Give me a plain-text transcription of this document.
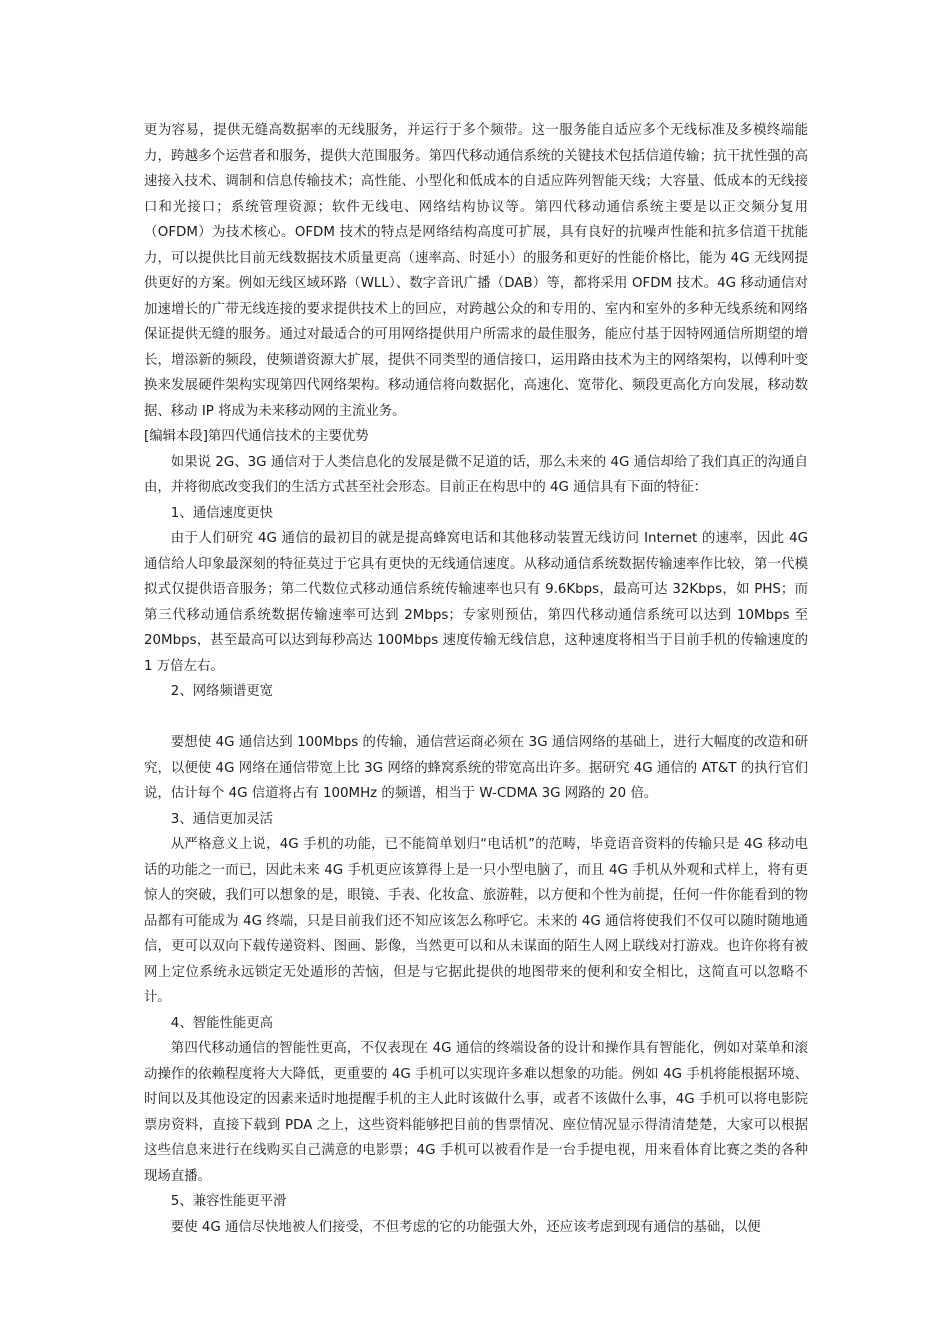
更为容易，提供无缝高数据率的无线服务，并运行于多个频带。这一服务能自适应多个无线标准及多模终端能力，跨越多个运营者和服务，提供大范围服务。第四代移动通信系统的关键技术包括信道传输；抗干扰性强的高速接入技术、调制和信息传输技术；高性能、小型化和低成本的自适应阵列智能天线；大容量、低成本的无线接口和光接口；系统管理资源；软件无线电、网络结构协议等。第四代移动通信系统主要是以正交频分复用（OFDM）为技术核心。OFDM 技术的特点是网络结构高度可扩展，具有良好的抗噪声性能和抗多信道干扰能力，可以提供比目前无线数据技术质量更高（速率高、时延小）的服务和更好的性能价格比，能为 4G 无线网提供更好的方案。例如无线区域环路（WLL）、数字音讯广播（DAB）等，都将采用 OFDM 技术。4G 移动通信对加速增长的广带无线连接的要求提供技术上的回应，对跨越公众的和专用的、室内和室外的多种无线系统和网络保证提供无缝的服务。通过对最适合的可用网络提供用户所需求的最佳服务，能应付基于因特网通信所期望的增长，增添新的频段，使频谱资源大扩展，提供不同类型的通信接口，运用路由技术为主的网络架构，以傅利叶变换来发展硬件架构实现第四代网络架构。移动通信将向数据化，高速化、宽带化、频段更高化方向发展，移动数据、移动 IP 将成为未来移动网的主流业务。

[编辑本段]第四代通信技术的主要优势

如果说 2G、3G 通信对于人类信息化的发展是微不足道的话，那么未来的 4G 通信却给了我们真正的沟通自由，并将彻底改变我们的生活方式甚至社会形态。目前正在构思中的 4G 通信具有下面的特征：

1、通信速度更快

由于人们研究 4G 通信的最初目的就是提高蜂窝电话和其他移动装置无线访问 Internet 的速率，因此 4G 通信给人印象最深刻的特征莫过于它具有更快的无线通信速度。从移动通信系统数据传输速率作比较，第一代模拟式仅提供语音服务；第二代数位式移动通信系统传输速率也只有 9.6Kbps，最高可达 32Kbps，如 PHS；而第三代移动通信系统数据传输速率可达到 2Mbps；专家则预估，第四代移动通信系统可以达到 10Mbps 至 20Mbps，甚至最高可以达到每秒高达 100Mbps 速度传输无线信息，这种速度将相当于目前手机的传输速度的 1 万倍左右。

2、网络频谱更宽

要想使 4G 通信达到 100Mbps 的传输，通信营运商必须在 3G 通信网络的基础上，进行大幅度的改造和研究，以便使 4G 网络在通信带宽上比 3G 网络的蜂窝系统的带宽高出许多。据研究 4G 通信的 AT&T 的执行官们说，估计每个 4G 信道将占有 100MHz 的频谱，相当于 W-CDMA 3G 网路的 20 倍。

3、通信更加灵活

从严格意义上说，4G 手机的功能，已不能简单划归“电话机”的范畴，毕竟语音资料的传输只是 4G 移动电话的功能之一而已，因此未来 4G 手机更应该算得上是一只小型电脑了，而且 4G 手机从外观和式样上，将有更惊人的突破，我们可以想象的是，眼镜、手表、化妆盒、旅游鞋，以方便和个性为前提，任何一件你能看到的物品都有可能成为 4G 终端，只是目前我们还不知应该怎么称呼它。未来的 4G 通信将使我们不仅可以随时随地通信，更可以双向下载传递资料、图画、影像，当然更可以和从未谋面的陌生人网上联线对打游戏。也许你将有被网上定位系统永远锁定无处遁形的苦恼，但是与它据此提供的地图带来的便利和安全相比，这简直可以忽略不计。

4、智能性能更高

第四代移动通信的智能性更高，不仅表现在 4G 通信的终端设备的设计和操作具有智能化，例如对菜单和滚动操作的依赖程度将大大降低，更重要的 4G 手机可以实现许多难以想象的功能。例如 4G 手机将能根据环境、时间以及其他设定的因素来适时地提醒手机的主人此时该做什么事，或者不该做什么事，4G 手机可以将电影院票房资料，直接下载到 PDA 之上，这些资料能够把目前的售票情况、座位情况显示得清清楚楚，大家可以根据这些信息来进行在线购买自己满意的电影票；4G 手机可以被看作是一台手提电视，用来看体育比赛之类的各种现场直播。

5、兼容性能更平滑

要使 4G 通信尽快地被人们接受，不但考虑的它的功能强大外，还应该考虑到现有通信的基础，以便
